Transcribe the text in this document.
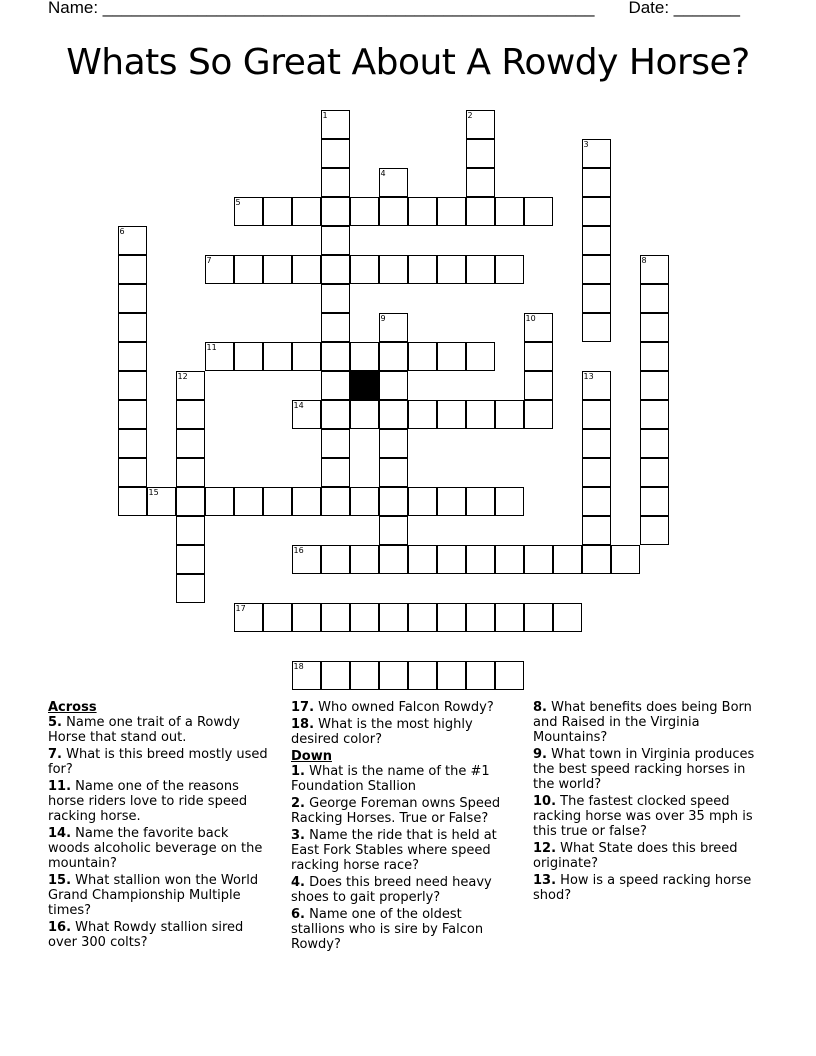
Name: ____________________________________________________ Date: _______
Whats So Great About A Rowdy Horse?
1	2
3
4
5
6
7	8
9	10
11
12	13
14
15
16
17
18
Across
5. Name one trait of a Rowdy Horse that stand out.
7. What is this breed mostly used for?
11. Name one of the reasons horse riders love to ride speed racking horse.
14. Name the favorite back woods alcoholic beverage on the mountain?
15. What stallion won the World Grand Championship Multiple times?
16. What Rowdy stallion sired over 300 colts?
17. Who owned Falcon Rowdy?
18. What is the most highly desired color?
Down
1. What is the name of the #1 Foundation Stallion
2. George Foreman owns Speed Racking Horses. True or False?
3. Name the ride that is held at East Fork Stables where speed racking horse race?
4. Does this breed need heavy shoes to gait properly?
6. Name one of the oldest stallions who is sire by Falcon Rowdy?
8. What benefits does being Born and Raised in the Virginia Mountains?
9. What town in Virginia produces the best speed racking horses in the world?
10. The fastest clocked speed racking horse was over 35 mph is this true or false?
12. What State does this breed originate?
13. How is a speed racking horse shod?
